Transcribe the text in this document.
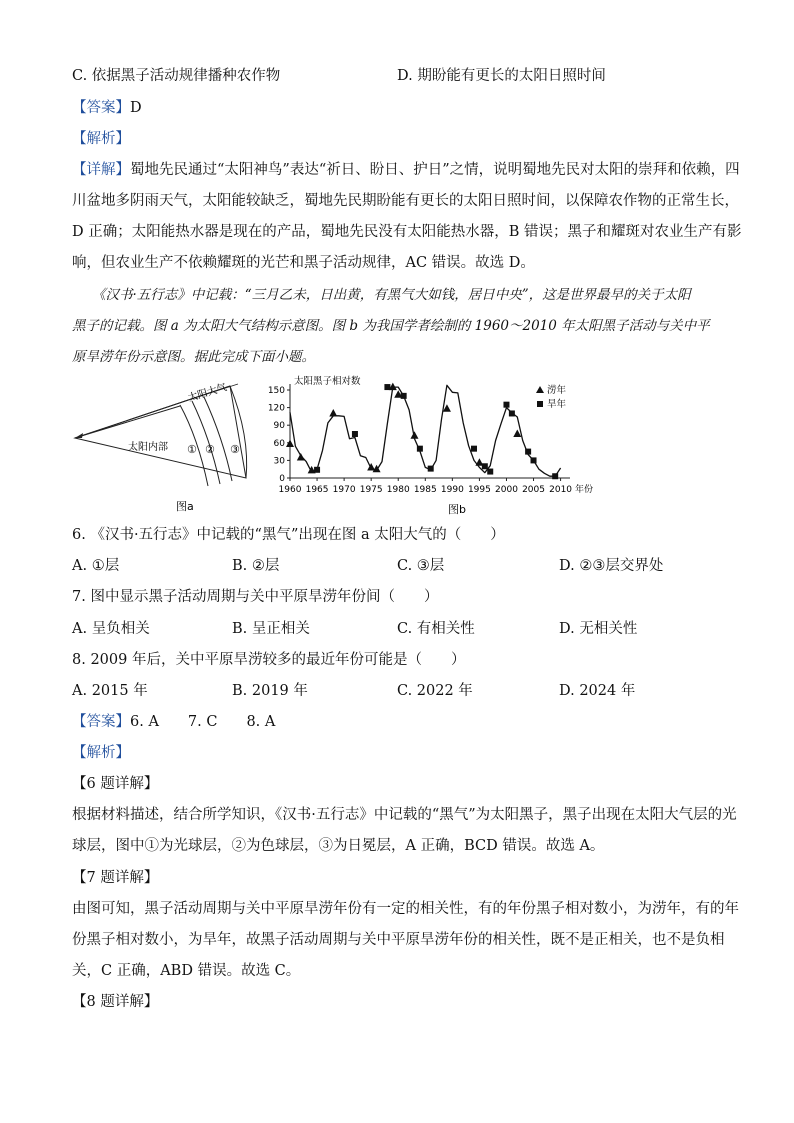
C. 依据黑子活动规律播种农作物	D. 期盼能有更长的太阳日照时间
【答案】D
【解析】
【详解】蜀地先民通过“太阳神鸟”表达“祈日、盼日、护日”之情，说明蜀地先民对太阳的崇拜和依赖，四
川盆地多阴雨天气，太阳能较缺乏，蜀地先民期盼能有更长的太阳日照时间，以保障农作物的正常生长，
D 正确；太阳能热水器是现在的产品，蜀地先民没有太阳能热水器，B 错误；黑子和耀斑对农业生产有影
响，但农业生产不依赖耀斑的光芒和黑子活动规律，AC 错误。故选 D。
《汉书·五行志》中记载：“三月乙未，日出黄，有黑气大如钱，居日中央”，这是世界最早的关于太阳
黑子的记载。图 a 为太阳大气结构示意图。图 b 为我国学者绘制的 1960～2010 年太阳黑子活动与关中平
原旱涝年份示意图。据此完成下面小题。
太阳大气
太阳内部 ① ② ③
图a
太阳黑子相对数
涝年
旱年
图b
0
30
60
90
120
150
1960 1965 1970 1975 1980 1985 1990 1995 2000 2005 2010 年份
6. 《汉书·五行志》中记载的“黑气”出现在图 a 太阳大气的（　　）
A. ①层	B. ②层	C. ③层	D. ②③层交界处
7. 图中显示黑子活动周期与关中平原旱涝年份间（　　）
A. 呈负相关	B. 呈正相关	C. 有相关性	D. 无相关性
8. 2009 年后，关中平原旱涝较多的最近年份可能是（　　）
A. 2015 年	B. 2019 年	C. 2022 年	D. 2024 年
【答案】6. A　　7. C　　8. A
【解析】
【6 题详解】
根据材料描述，结合所学知识，《汉书·五行志》中记载的“黑气”为太阳黑子，黑子出现在太阳大气层的光
球层，图中①为光球层，②为色球层，③为日冕层，A 正确，BCD 错误。故选 A。
【7 题详解】
由图可知，黑子活动周期与关中平原旱涝年份有一定的相关性，有的年份黑子相对数小，为涝年，有的年
份黑子相对数小，为旱年，故黑子活动周期与关中平原旱涝年份的相关性，既不是正相关，也不是负相
关，C 正确，ABD 错误。故选 C。
【8 题详解】
